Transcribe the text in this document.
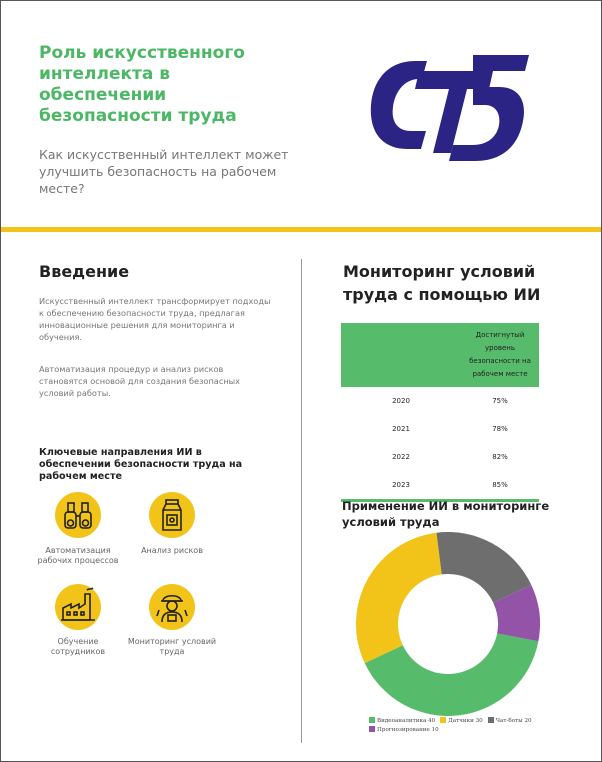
Роль искусственного интеллекта в обеспечении безопасности труда

Как искусственный интеллект может улучшить безопасность на рабочем месте?

Введение

Искусственный интеллект трансформирует подходы к обеспечению безопасности труда, предлагая инновационные решения для мониторинга и обучения.

Автоматизация процедур и анализ рисков становятся основой для создания безопасных условий работы.

Ключевые направления ИИ в обеспечении безопасности труда на рабочем месте
Автоматизация рабочих процессов
Анализ рисков
Обучение сотрудников
Мониторинг условий труда
Мониторинг условий труда с помощью ИИ
	Достигнутый уровень безопасности на рабочем месте
2020	75%
2021	78%
2022	82%
2023	85%
Применение ИИ в мониторинге условий труда
Видеоаналитика 40 Датчики 30 Чат-боты 20Прогнозирование 10
